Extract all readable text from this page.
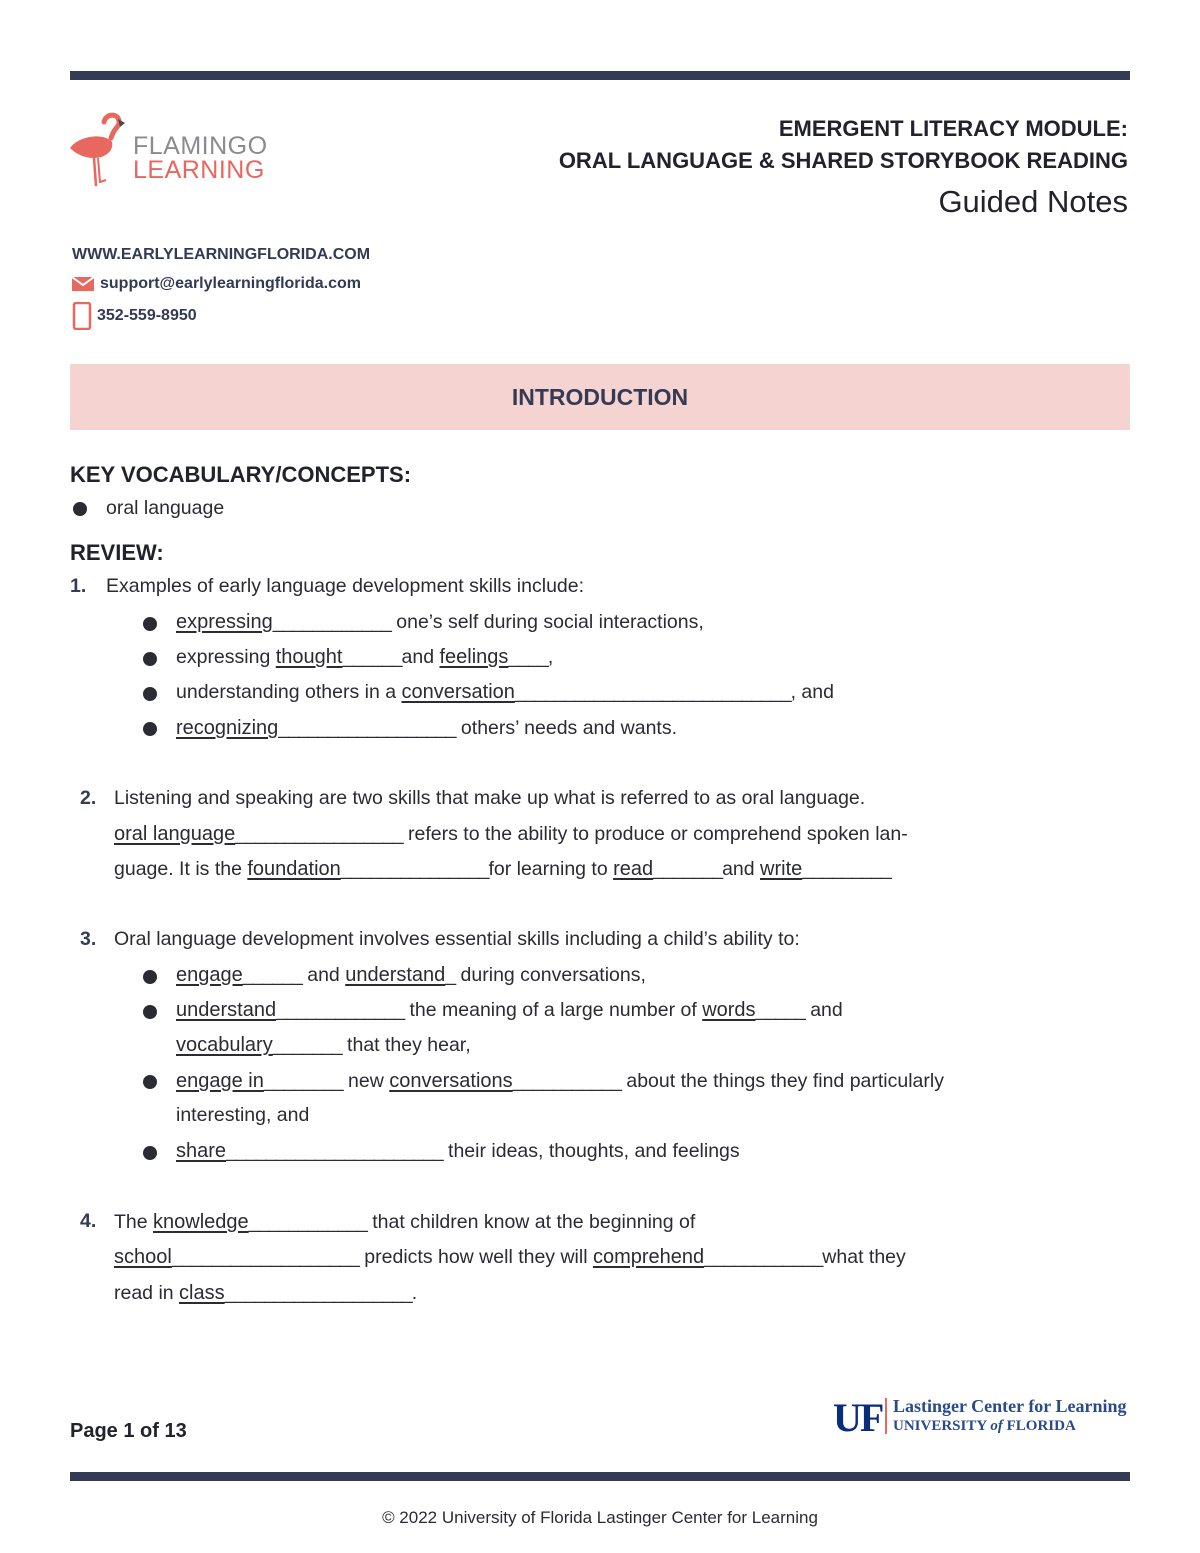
FLAMINGO
LEARNING
EMERGENT LITERACY MODULE:
ORAL LANGUAGE & SHARED STORYBOOK READING
Guided Notes
WWW.EARLYLEARNINGFLORIDA.COM
support@earlylearningflorida.com
352-559-8950
INTRODUCTION
KEY VOCABULARY/CONCEPTS:
oral language
REVIEW:
1. Examples of early language development skills include:
expressing____________ one’s self during social interactions,
expressing thought______and feelings____,
understanding others in a conversation____________________________, and
recognizing__________________ others’ needs and wants.
2. Listening and speaking are two skills that make up what is referred to as oral language.
oral language_________________ refers to the ability to produce or comprehend spoken lan-
guage. It is the foundation_______________for learning to read_______and write_________
3. Oral language development involves essential skills including a child’s ability to:
engage______ and understand_ during conversations,
understand_____________ the meaning of a large number of words_____ and
vocabulary_______ that they hear,
engage in________ new conversations___________ about the things they find particularly
interesting, and
share______________________ their ideas, thoughts, and feelings
4. The knowledge____________ that children know at the beginning of
school___________________ predicts how well they will comprehend____________what they
read in class___________________.
Page 1 of 13	UF Lastinger Center for Learning
UNIVERSITY of FLORIDA
© 2022 University of Florida Lastinger Center for Learning
